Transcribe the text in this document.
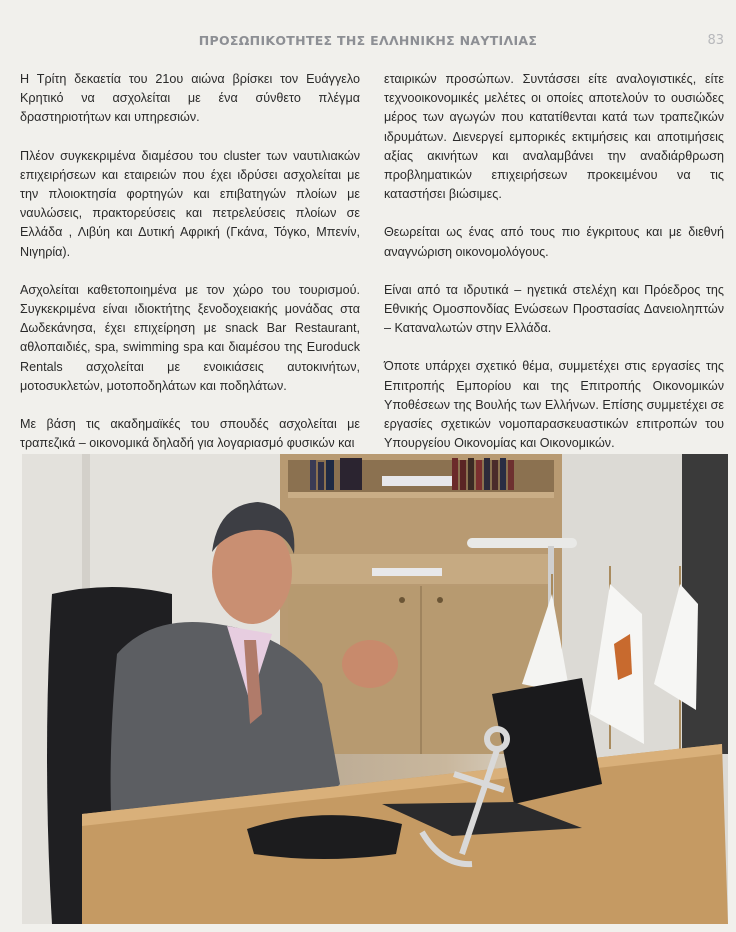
ΠΡΟΣΩΠΙΚΟΤΗΤΕΣ ΤΗΣ ΕΛΛΗΝΙΚΗΣ ΝΑΥΤΙΛΙΑΣ	83

Η Τρίτη δεκαετία του 21ου αιώνα βρίσκει τον Ευάγγελο Κρητικό να ασχολείται με ένα σύνθετο πλέγμα δραστηριοτήτων και υπηρεσιών.

Πλέον συγκεκριμένα διαμέσου του cluster των ναυτιλιακών επιχειρήσεων και εταιρειών που έχει ιδρύσει ασχολείται με την πλοιοκτησία φορτηγών και επιβατηγών πλοίων με ναυλώσεις, πρακτορεύσεις και πετρελεύσεις πλοίων σε Ελλάδα , Λιβύη και Δυτική Αφρική (Γκάνα, Τόγκο, Μπενίν, Νιγηρία).

Ασχολείται καθετοποιημένα με τον χώρο του τουρισμού. Συγκεκριμένα είναι ιδιοκτήτης ξενοδοχειακής μονάδας στα Δωδεκάνησα, έχει επιχείρηση με snack Bar Restaurant, αθλοπαιδιές, spa, swimming spa και διαμέσου της Euroduck Rentals ασχολείται με ενοικιάσεις αυτοκινήτων, μοτοσυκλετών, μοτοποδηλάτων και ποδηλάτων.

Με βάση τις ακαδημαϊκές του σπουδές ασχολείται με τραπεζικά – οικονομικά δηλαδή για λογαριασμό φυσικών και

εταιρικών προσώπων. Συντάσσει είτε αναλογιστικές, είτε τεχνοοικονομικές μελέτες οι οποίες αποτελούν το ουσιώδες μέρος των αγωγών που κατατίθενται κατά των τραπεζικών ιδρυμάτων. Διενεργεί εμπορικές εκτιμήσεις και αποτιμήσεις αξίας ακινήτων και αναλαμβάνει την αναδιάρθρωση προβληματικών επιχειρήσεων προκειμένου να τις καταστήσει βιώσιμες.

Θεωρείται ως ένας από τους πιο έγκριτους και με διεθνή αναγνώριση οικονομολόγους.

Είναι από τα ιδρυτικά – ηγετικά στελέχη και Πρόεδρος της Εθνικής Ομοσπονδίας Ενώσεων Προστασίας Δανειοληπτών – Καταναλωτών στην Ελλάδα.

Όποτε υπάρχει σχετικό θέμα, συμμετέχει στις εργασίες της Επιτροπής Εμπορίου και της Επιτροπής Οικονομικών Υποθέσεων της Βουλής των Ελλήνων. Επίσης συμμετέχει σε εργασίες σχετικών νομοπαρασκευαστικών επιτροπών του Υπουργείου Οικονομίας και Οικονομικών.
